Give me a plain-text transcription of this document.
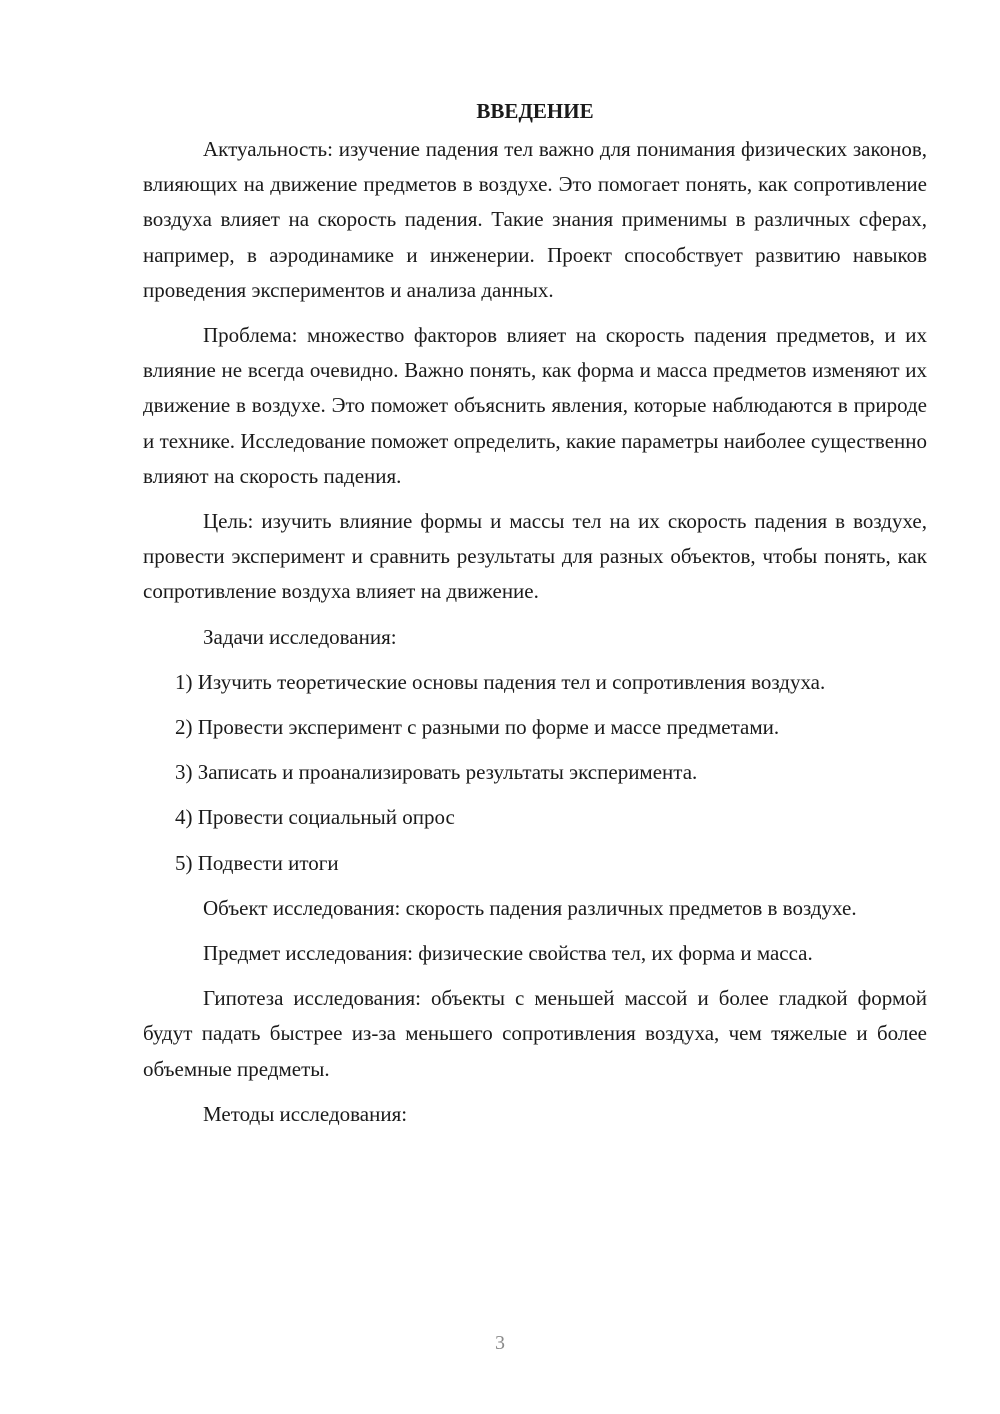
ВВЕДЕНИЕ

Актуальность: изучение падения тел важно для понимания физических законов, влияющих на движение предметов в воздухе. Это помогает понять, как сопротивление воздуха влияет на скорость падения. Такие знания применимы в различных сферах, например, в аэродинамике и инженерии. Проект способствует развитию навыков проведения экспериментов и анализа данных.

Проблема: множество факторов влияет на скорость падения предметов, и их влияние не всегда очевидно. Важно понять, как форма и масса предметов изменяют их движение в воздухе. Это поможет объяснить явления, которые наблюдаются в природе и технике. Исследование поможет определить, какие параметры наиболее существенно влияют на скорость падения.

Цель: изучить влияние формы и массы тел на их скорость падения в воздухе, провести эксперимент и сравнить результаты для разных объектов, чтобы понять, как сопротивление воздуха влияет на движение.

Задачи исследования:

1) Изучить теоретические основы падения тел и сопротивления воздуха.

2) Провести эксперимент с разными по форме и массе предметами.

3) Записать и проанализировать результаты эксперимента.

4) Провести социальный опрос

5) Подвести итоги

Объект исследования: скорость падения различных предметов в воздухе.

Предмет исследования: физические свойства тел, их форма и масса.

Гипотеза исследования: объекты с меньшей массой и более гладкой формой будут падать быстрее из-за меньшего сопротивления воздуха, чем тяжелые и более объемные предметы.

Методы исследования:

3
